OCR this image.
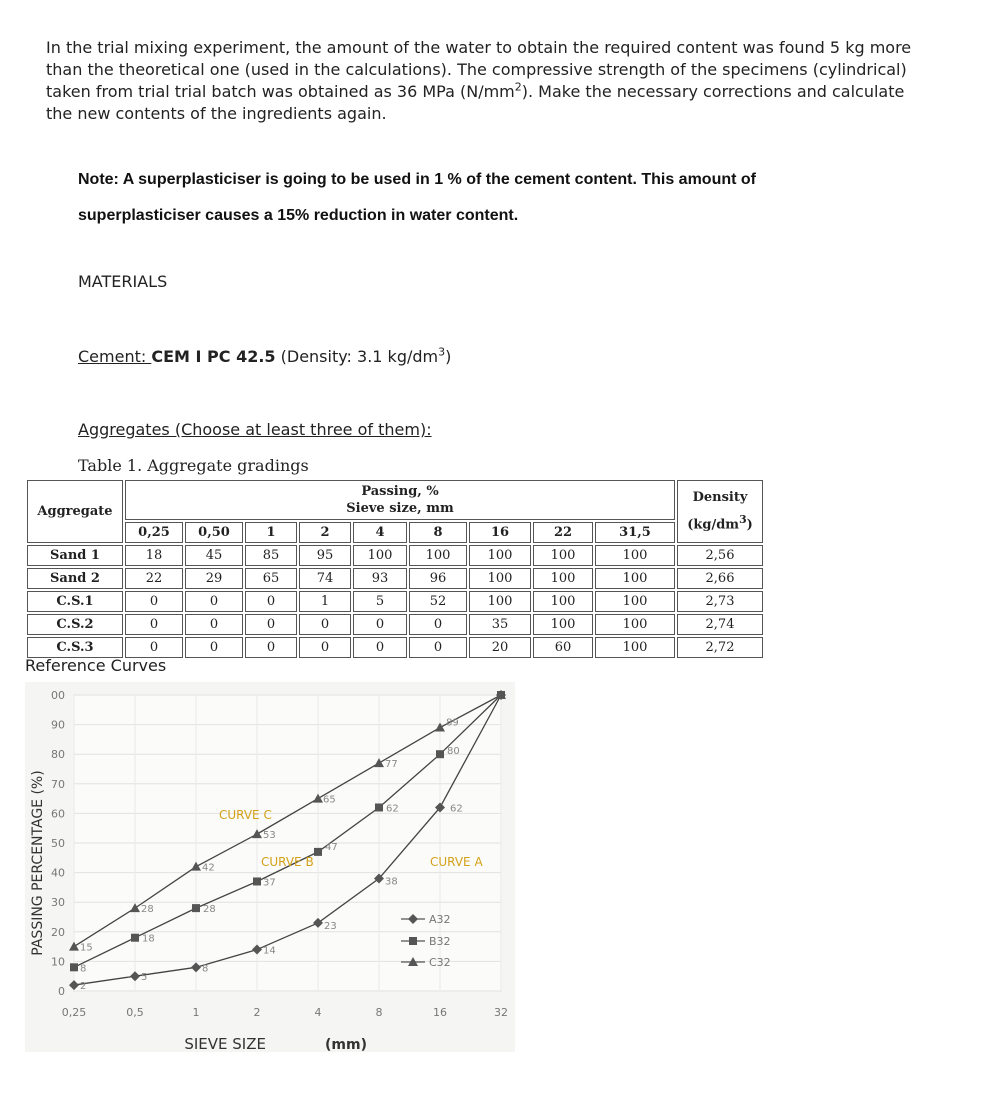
In the trial mixing experiment, the amount of the water to obtain the required content was found 5 kg more than the theoretical one (used in the calculations). The compressive strength of the specimens (cylindrical) taken from trial trial batch was obtained as 36 MPa $(N/mm^2)$. Make the necessary corrections and calculate the new contents of the ingredients again.
Note: A superplasticiser is going to be used in 1 % of the cement content. This amount of superplasticiser causes a 15% reduction in water content.
MATERIALS
Cement: CEM I PC 42.5 (Density: 3.1 $kg/dm^3$)
Aggregates (Choose at least three of them):
Table 1. Aggregate gradings
Aggregate	Passing, %
Sieve size, mm									Density
$(kg/dm^3)$
	0,25	0,50	1	2	4	8	16	22	31,5	
Sand 1	18	45	85	95	100	100	100	100	100	2,56
Sand 2	22	29	65	74	93	96	100	100	100	2,66
C.S.1	0	0	0	1	5	52	100	100	100	2,73
C.S.2	0	0	0	0	0	0	35	100	100	2,74
C.S.3	0	0	0	0	0	0	20	60	100	2,72
Reference Curves
00
90
80
70
60
50
40
30
20
10
0
0,25	0,5	1	2	4	8	16	32
PASSING PERCENTAGE (%)
SIEVE SIZE	(mm)
2
5
8
14
23
38
62
8
18
28
37
47
62
80
15
28
42
53
65
77
89
CURVE A
CURVE B
CURVE C
A32
B32
C32
